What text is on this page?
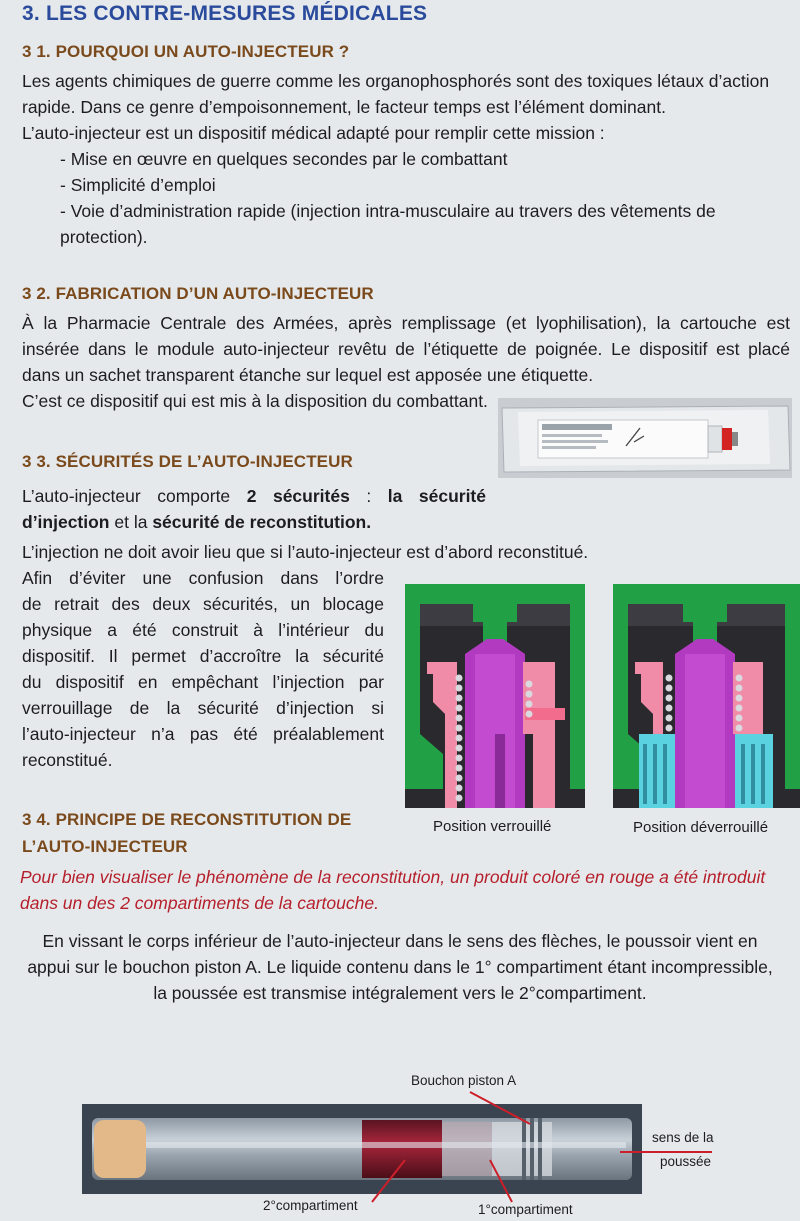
3. LES CONTRE-MESURES MÉDICALES
3 1. POURQUOI UN AUTO-INJECTEUR ?
Les agents chimiques de guerre comme les organophosphorés sont des toxiques létaux d’action
rapide. Dans ce genre d’empoisonnement, le facteur temps est l’élément dominant.
L’auto-injecteur est un dispositif médical adapté pour remplir cette mission :
- Mise en œuvre en quelques secondes par le combattant
- Simplicité d’emploi
- Voie d’administration rapide (injection intra-musculaire au travers des vêtements de
protection).
3 2. FABRICATION D’UN AUTO-INJECTEUR
À la Pharmacie Centrale des Armées, après remplissage (et lyophilisation), la cartouche est
insérée dans le module auto-injecteur revêtu de l’étiquette de poignée. Le dispositif est placé
dans un sachet transparent étanche sur lequel est apposée une étiquette.
C’est ce dispositif qui est mis à la disposition du combattant.
3 3. SÉCURITÉS DE L’AUTO-INJECTEUR
L’auto-injecteur comporte 2 sécurités : la sécurité
d’injection et la sécurité de reconstitution.
L’injection ne doit avoir lieu que si l’auto-injecteur est d’abord reconstitué.
Afin d’éviter une confusion dans l’ordre
de retrait des deux sécurités, un blocage
physique a été construit à l’intérieur du
dispositif. Il permet d’accroître la sécurité
du dispositif en empêchant l’injection par
verrouillage de la sécurité d’injection si
l’auto-injecteur n’a pas été préalablement
reconstitué.
Position verrouillé	Position déverrouillé
3 4. PRINCIPE DE RECONSTITUTION DE
L’AUTO-INJECTEUR
Pour bien visualiser le phénomène de la reconstitution, un produit coloré en rouge a été introduit
dans un des 2 compartiments de la cartouche.
En vissant le corps inférieur de l’auto-injecteur dans le sens des flèches, le poussoir vient en
appui sur le bouchon piston A. Le liquide contenu dans le 1° compartiment étant incompressible,
la poussée est transmise intégralement vers le 2°compartiment.
Bouchon piston A
sens de la
poussée
2°compartiment	1°compartiment
